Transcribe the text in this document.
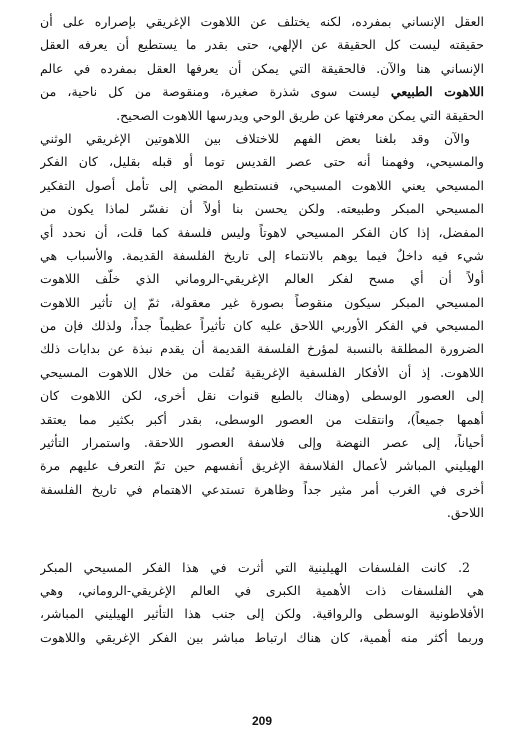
العقل الإنساني بمفرده، لكنه يختلف عن اللاهوت الإغريقي بإصراره على أن
حقيقته ليست كل الحقيقة عن الإلهي، حتى بقدر ما يستطيع أن يعرفه العقل
الإنساني هنا والآن. فالحقيقة التي يمكن أن يعرفها العقل بمفرده في عالم
اللاهوت الطبيعي ليست سوى شذرة صغيرة، ومنقوصة من كل ناحية، من
الحقيقة التي يمكن معرفتها عن طريق الوحي ويدرسها اللاهوت الصحيح.
والآن وقد بلغنا بعض الفهم للاختلاف بين اللاهوتين الإغريقي الوثني
والمسيحي، وفهمنا أنه حتى عصر القديس توما أو قبله بقليل، كان الفكر
المسيحي يعني اللاهوت المسيحي، فنستطيع المضي إلى تأمل أصول التفكير
المسيحي المبكر وطبيعته. ولكن يحسن بنا أولاً أن نفسّر لماذا يكون من
المفضل، إذا كان الفكر المسيحي لاهوتاً وليس فلسفة كما قلت، أن نحدد أي
شيء فيه داخلٌ فيما يوهم بالانتماء إلى تاريخ الفلسفة القديمة. والأسباب هي
أولاً أن أي مسح لفكر العالم الإغريقي-الروماني الذي خلّف اللاهوت
المسيحي المبكر سيكون منقوصاً بصورة غير معقولة، ثمّ إن تأثير اللاهوت
المسيحي في الفكر الأوربي اللاحق عليه كان تأثيراً عظيماً جداً، ولذلك فإن من
الضرورة المطلقة بالنسبة لمؤرخ الفلسفة القديمة أن يقدم نبذة عن بدايات ذلك
اللاهوت. إذ أن الأفكار الفلسفية الإغريقية نُقلت من خلال اللاهوت المسيحي
إلى العصور الوسطى (وهناك بالطبع قنوات نقل أخرى، لكن اللاهوت كان
أهمها جميعاً)، وانتقلت من العصور الوسطى، بقدر أكبر بكثير مما يعتقد
أحياناً، إلى عصر النهضة وإلى فلاسفة العصور اللاحقة. واستمرار التأثير
الهيليني المباشر لأعمال الفلاسفة الإغريق أنفسهم حين تمّ التعرف عليهم مرة
أخرى في الغرب أمر مثير جداً وظاهرة تستدعي الاهتمام في تاريخ الفلسفة
اللاحق.
2. كانت الفلسفات الهيلينية التي أثرت في هذا الفكر المسيحي المبكر
هي الفلسفات ذات الأهمية الكبرى في العالم الإغريقي-الروماني، وهي
الأفلاطونية الوسطى والرواقية. ولكن إلى جنب هذا التأثير الهيليني المباشر،
وربما أكثر منه أهمية، كان هناك ارتباط مباشر بين الفكر الإغريقي واللاهوت
209
